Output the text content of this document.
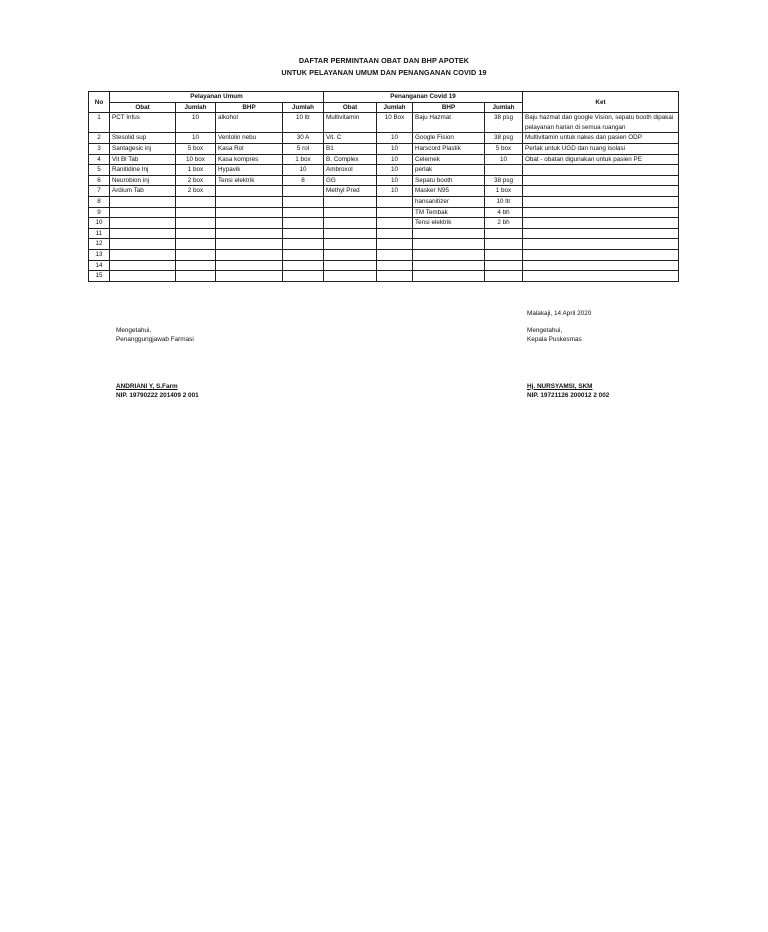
DAFTAR PERMINTAAN OBAT DAN BHP APOTEK
UNTUK PELAYANAN UMUM DAN PENANGANAN COVID 19
No	Pelayanan Umum				Penanganan Covid 19				Ket
	Obat	Jumlah	BHP	Jumlah	Obat	Jumlah	BHP	Jumlah	
1	PCT Infus	10	alkohol	10 ltr	Multivitamin	10 Box	Baju Hazmat	38 psg	Baju hazmat dan google Vision, sepatu booth dipakai pelayanan harian di semua ruangan
2	Stesolid sup	10	Ventolin nebu	30 A	Vit. C	10	Google Fision	38 psg	Multivitamin untuk nakes dan pasien ODP
3	Santagesic inj	5 box	Kasa Rol	5 rol	B1	10	Harscord Plastik	5 box	Perlak untuk UGD dan ruang isolasi
4	Vit Bl Tab	10 box	Kasa kompres	1 box	B. Complex	10	Celemek	10	Obat - obatan digunakan untuk pasien PE
5	Ranitidine Inj	1 box	Hypavik	10	Ambroxol	10	perlak		
6	Neurobion inj	2 box	Tensi elektrik	8	GG	10	Sepatu booth	38 psg	
7	Ardium Tab	2 box			Methyl Pred	10	Masker N95	1 box	
8							hansanitizer	10 ltr	
9							TM Tembak	4 bh	
10							Tensi elektrik	2 bh	
11									
12									
13									
14									
15									
Malakaji, 14 April 2020
Mengetahui,
Penanggungjawab Farmasi
ANDRIANI Y, S.Farm
NIP. 19790222 201409 2 001
Mengetahui,
Kepala Puskesmas
Hj. NURSYAMSI, SKM
NIP. 19721126 200012 2 002
